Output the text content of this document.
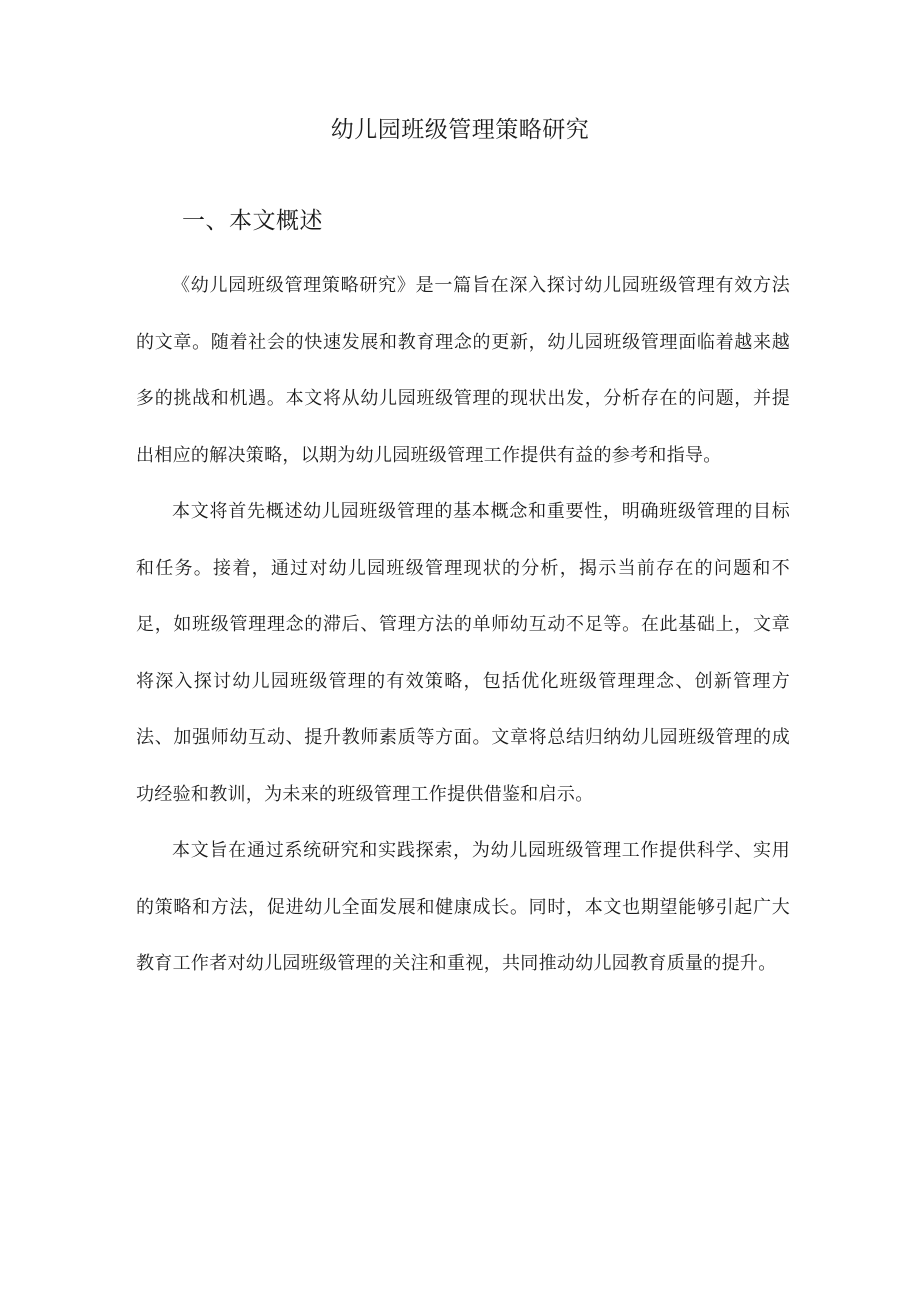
幼儿园班级管理策略研究
一、本文概述

《幼儿园班级管理策略研究》是一篇旨在深入探讨幼儿园班级管理有效方法的文章。随着社会的快速发展和教育理念的更新，幼儿园班级管理面临着越来越多的挑战和机遇。本文将从幼儿园班级管理的现状出发，分析存在的问题，并提出相应的解决策略，以期为幼儿园班级管理工作提供有益的参考和指导。

本文将首先概述幼儿园班级管理的基本概念和重要性，明确班级管理的目标和任务。接着，通过对幼儿园班级管理现状的分析，揭示当前存在的问题和不足，如班级管理理念的滞后、管理方法的单师幼互动不足等。在此基础上，文章将深入探讨幼儿园班级管理的有效策略，包括优化班级管理理念、创新管理方法、加强师幼互动、提升教师素质等方面。文章将总结归纳幼儿园班级管理的成功经验和教训，为未来的班级管理工作提供借鉴和启示。

本文旨在通过系统研究和实践探索，为幼儿园班级管理工作提供科学、实用的策略和方法，促进幼儿全面发展和健康成长。同时，本文也期望能够引起广大教育工作者对幼儿园班级管理的关注和重视，共同推动幼儿园教育质量的提升。
